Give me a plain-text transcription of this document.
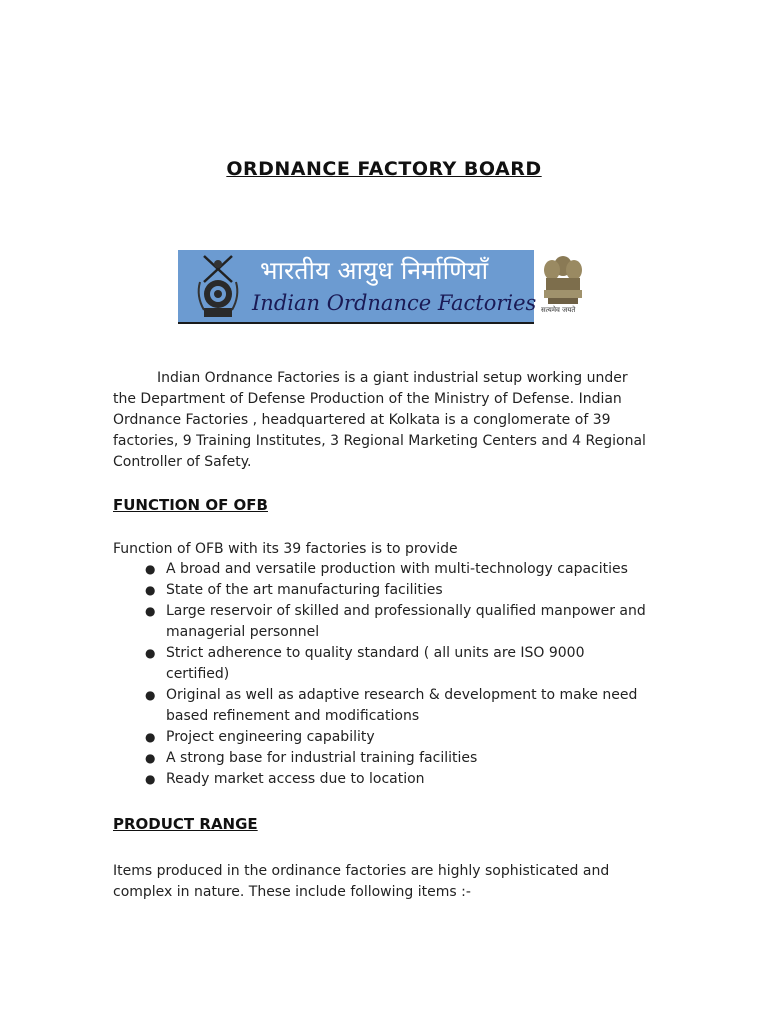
ORDNANCE FACTORY BOARD
भारतीय आयुध निर्माणियाँ
Indian Ordnance Factories सत्यमेव जयते

Indian Ordnance Factories is a giant industrial setup working under the Department of Defense Production of the Ministry of Defense. Indian Ordnance Factories , headquartered at Kolkata is a conglomerate of 39 factories, 9 Training Institutes, 3 Regional Marketing Centers and 4 Regional Controller of Safety.

FUNCTION OF OFB
Function of OFB with its 39 factories is to provide
● A broad and versatile production with multi-technology capacities
● State of the art manufacturing facilities
● Large reservoir of skilled and professionally qualified manpower and managerial personnel
● Strict adherence to quality standard ( all units are ISO 9000 certified)
● Original as well as adaptive research & development to make need based refinement and modifications
● Project engineering capability
● A strong base for industrial training facilities
● Ready market access due to location
PRODUCT RANGE

Items produced in the ordinance factories are highly sophisticated and complex in nature. These include following items :-
